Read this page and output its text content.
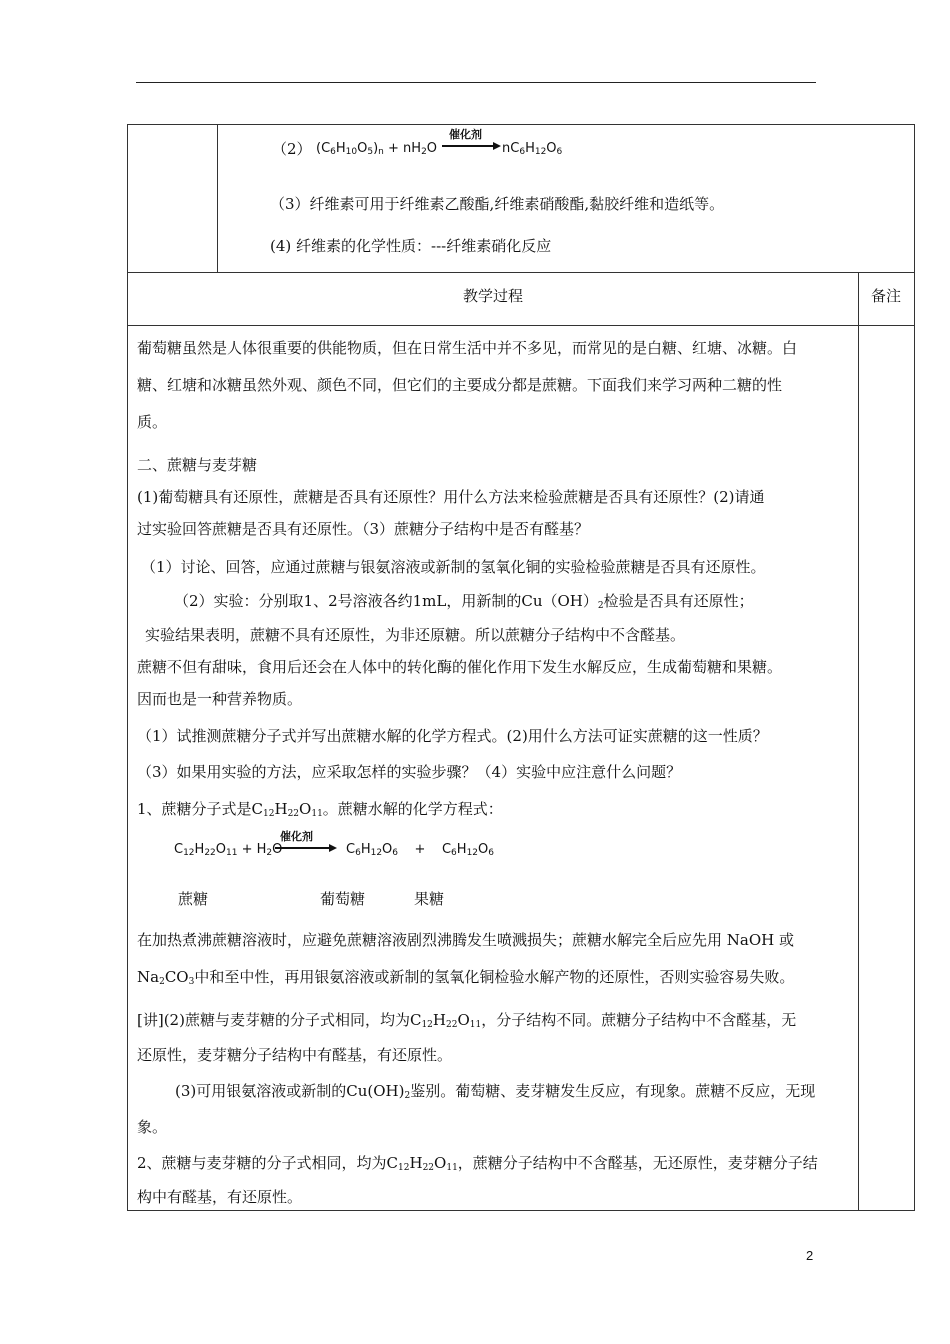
（2） $(C_6H_{10}O_5)_n + nH_2O$
催化剂
$nC_6H_{12}O_6$
（3）纤维素可用于纤维素乙酸酯,纤维素硝酸酯,黏胶纤维和造纸等。
(4) 纤维素的化学性质：---纤维素硝化反应
教学过程	备注
葡萄糖虽然是人体很重要的供能物质，但在日常生活中并不多见，而常见的是白糖、红塘、冰糖。白
糖、红塘和冰糖虽然外观、颜色不同，但它们的主要成分都是蔗糖。下面我们来学习两种二糖的性
质。
二、蔗糖与麦芽糖
(1)葡萄糖具有还原性，蔗糖是否具有还原性？用什么方法来检验蔗糖是否具有还原性？(2)请通
过实验回答蔗糖是否具有还原性。（3）蔗糖分子结构中是否有醛基？
（1）讨论、回答，应通过蔗糖与银氨溶液或新制的氢氧化铜的实验检验蔗糖是否具有还原性。
（2）实验：分别取1、2号溶液各约1mL，用新制的$Cu(OH)_2$检验是否具有还原性；
实验结果表明，蔗糖不具有还原性，为非还原糖。所以蔗糖分子结构中不含醛基。
蔗糖不但有甜味，食用后还会在人体中的转化酶的催化作用下发生水解反应，生成葡萄糖和果糖。
因而也是一种营养物质。
（1）试推测蔗糖分子式并写出蔗糖水解的化学方程式。(2)用什么方法可证实蔗糖的这一性质？
（3）如果用实验的方法，应采取怎样的实验步骤？（4）实验中应注意什么问题？
1、蔗糖分子式是$C_{12}H_{22}O_{11}$。蔗糖水解的化学方程式：
$C_{12}H_{22}O_{11} + H_2O$
催化剂
$C_6H_{12}O_6$    +    $C_6H_{12}O_6$
蔗糖	葡萄糖	果糖
在加热煮沸蔗糖溶液时，应避免蔗糖溶液剧烈沸腾发生喷溅损失；蔗糖水解完全后应先用 NaOH 或
$Na_2CO_3$中和至中性，再用银氨溶液或新制的氢氧化铜检验水解产物的还原性，否则实验容易失败。
[讲](2)蔗糖与麦芽糖的分子式相同，均为$C_{12}H_{22}O_{11}$，分子结构不同。蔗糖分子结构中不含醛基，无
还原性，麦芽糖分子结构中有醛基，有还原性。
(3)可用银氨溶液或新制的$Cu(OH)_2$鉴别。葡萄糖、麦芽糖发生反应，有现象。蔗糖不反应，无现
象。
2、蔗糖与麦芽糖的分子式相同，均为$C_{12}H_{22}O_{11}$，蔗糖分子结构中不含醛基，无还原性，麦芽糖分子结
构中有醛基，有还原性。
2
